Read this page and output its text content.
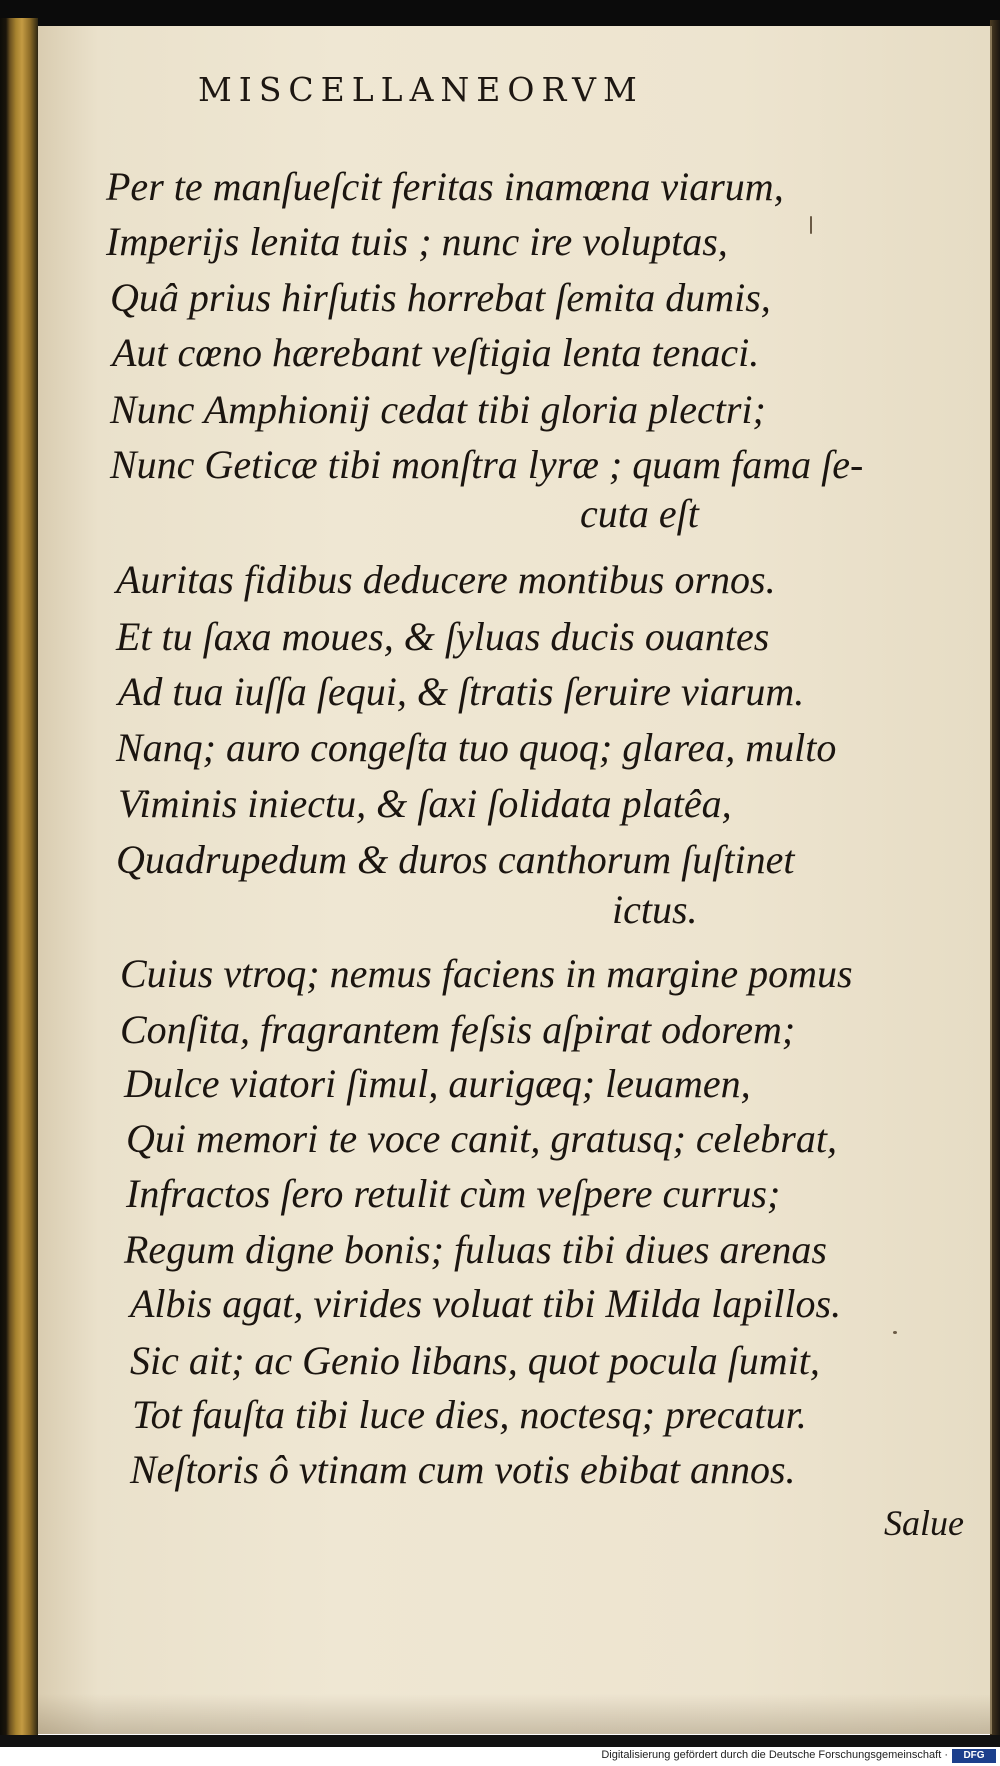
MISCELLANEORVM
Per te manſueſcit feritas inamœna viarum,
Imperijs lenita tuis ; nunc ire voluptas,
Quâ prius hirſutis horrebat ſemita dumis,
Aut cœno hærebant veſtigia lenta tenaci.
Nunc Amphionij cedat tibi gloria plectri;
Nunc Geticæ tibi monſtra lyræ ; quam fama ſe-
cuta eſt
Auritas fidibus deducere montibus ornos.
Et tu ſaxa moues, & ſyluas ducis ouantes
Ad tua iuſſa ſequi, & ſtratis ſeruire viarum.
Nanq; auro congeſta tuo quoq; glarea, multo
Viminis iniectu, & ſaxi ſolidata platêa,
Quadrupedum & duros canthorum ſuſtinet
ictus.
Cuius vtroq; nemus faciens in margine pomus
Conſita, fragrantem feſsis aſpirat odorem;
Dulce viatori ſimul, aurigæq; leuamen,
Qui memori te voce canit, gratusq; celebrat,
Infractos ſero retulit cùm veſpere currus;
Regum digne bonis; fuluas tibi diues arenas
Albis agat, virides voluat tibi Milda lapillos.
Sic ait; ac Genio libans, quot pocula ſumit,
Tot fauſta tibi luce dies, noctesq; precatur.
Neſtoris ô vtinam cum votis ebibat annos.
Salue
Digitalisierung gefördert durch die Deutsche Forschungsgemeinschaft ·	DFG
